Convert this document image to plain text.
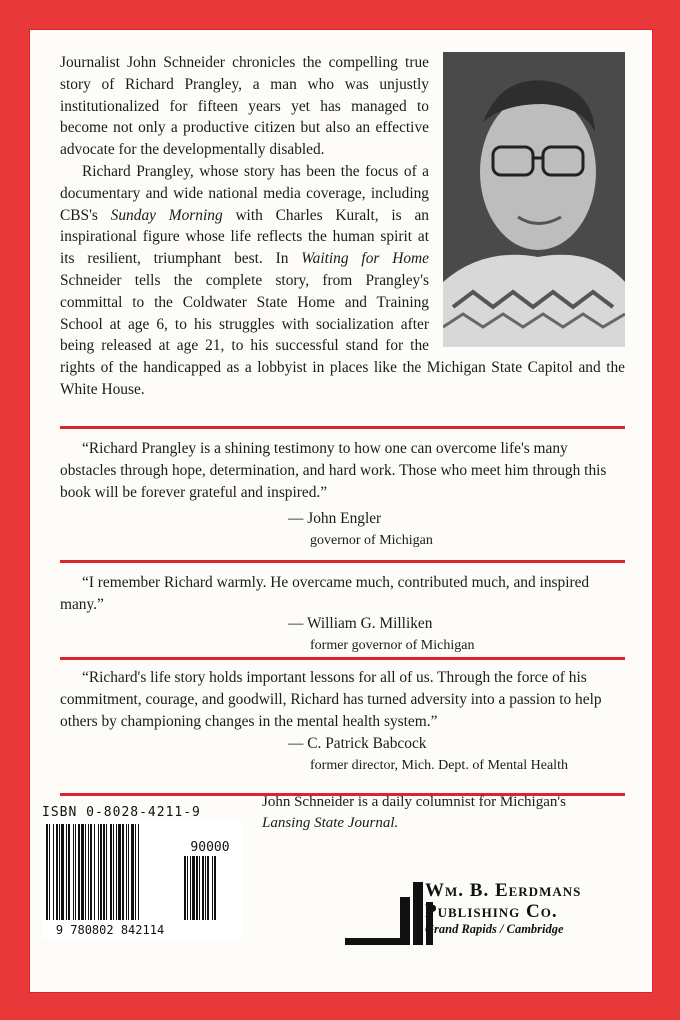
Journalist John Schneider chronicles the compelling true story of Richard Prangley, a man who was unjustly institutionalized for fifteen years yet has managed to become not only a productive citizen but also an effective advocate for the developmentally disabled.

Richard Prangley, whose story has been the focus of a documentary and wide national media coverage, including CBS's Sunday Morning with Charles Kuralt, is an inspirational figure whose life reflects the human spirit at its resilient, triumphant best. In Waiting for Home Schneider tells the complete story, from Prangley's committal to the Coldwater State Home and Training School at age 6, to his struggles with socialization after being released at age 21, to his successful stand for the rights of the handicapped as a lobbyist in places like the Michigan State Capitol and the White House.

“Richard Prangley is a shining testimony to how one can overcome life's many obstacles through hope, determination, and hard work. Those who meet him through this book will be forever grateful and inspired.”

— John Engler
governor of Michigan

“I remember Richard warmly. He overcame much, contributed much, and inspired many.”

— William G. Milliken
former governor of Michigan

“Richard's life story holds important lessons for all of us. Through the force of his commitment, courage, and goodwill, Richard has turned adversity into a passion to help others by championing changes in the mental health system.”

— C. Patrick Babcock
former director, Mich. Dept. of Mental Health
John Schneider is a daily columnist for Michigan's Lansing State Journal.
ISBN 0-8028-4211-9
90000
9 780802 842114
Wm. B. Eerdmans
Publishing Co.
Grand Rapids / Cambridge
